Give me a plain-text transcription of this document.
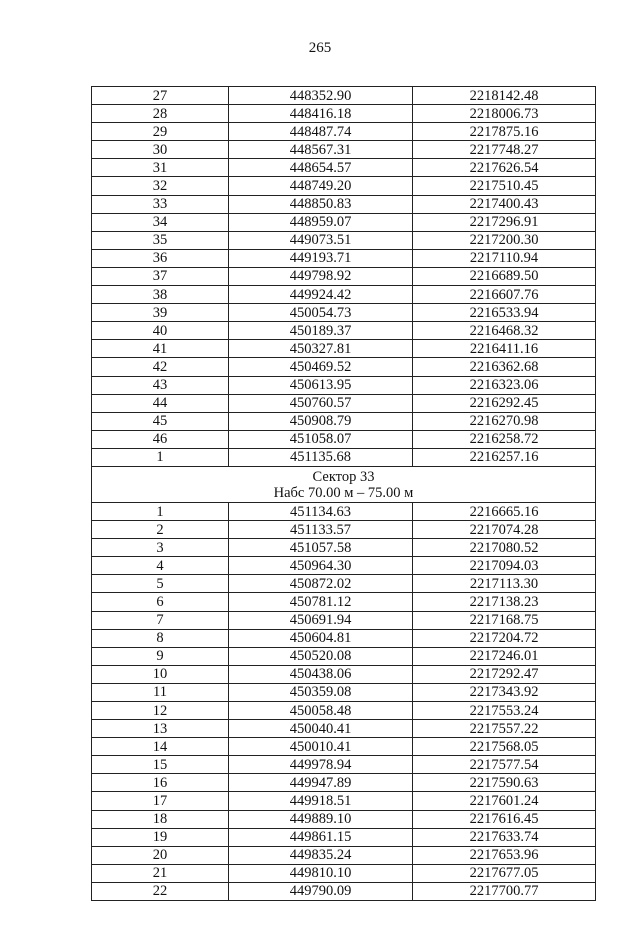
265
27	448352.90	2218142.48
28	448416.18	2218006.73
29	448487.74	2217875.16
30	448567.31	2217748.27
31	448654.57	2217626.54
32	448749.20	2217510.45
33	448850.83	2217400.43
34	448959.07	2217296.91
35	449073.51	2217200.30
36	449193.71	2217110.94
37	449798.92	2216689.50
38	449924.42	2216607.76
39	450054.73	2216533.94
40	450189.37	2216468.32
41	450327.81	2216411.16
42	450469.52	2216362.68
43	450613.95	2216323.06
44	450760.57	2216292.45
45	450908.79	2216270.98
46	451058.07	2216258.72
1	451135.68	2216257.16

Сектор 33
Набс 70.00 м – 75.00 м		

1	451134.63	2216665.16
2	451133.57	2217074.28
3	451057.58	2217080.52
4	450964.30	2217094.03
5	450872.02	2217113.30
6	450781.12	2217138.23
7	450691.94	2217168.75
8	450604.81	2217204.72
9	450520.08	2217246.01
10	450438.06	2217292.47
11	450359.08	2217343.92
12	450058.48	2217553.24
13	450040.41	2217557.22
14	450010.41	2217568.05
15	449978.94	2217577.54
16	449947.89	2217590.63
17	449918.51	2217601.24
18	449889.10	2217616.45
19	449861.15	2217633.74
20	449835.24	2217653.96
21	449810.10	2217677.05
22	449790.09	2217700.77
